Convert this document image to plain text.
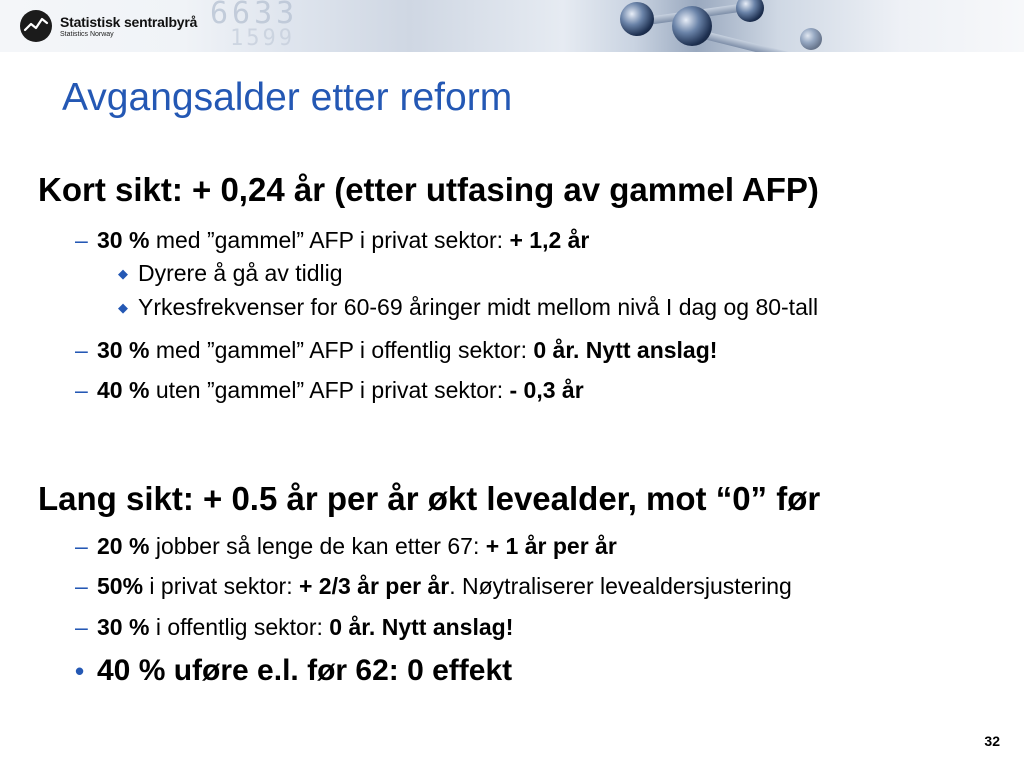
6633
1599
Statistisk sentralbyrå
Statistics Norway
Avgangsalder etter reform
Kort sikt: + 0,24 år (etter utfasing av gammel AFP)
– 30 % med ”gammel” AFP i privat sektor: + 1,2 år
◆ Dyrere å gå av tidlig
◆ Yrkesfrekvenser for 60-69 åringer midt mellom nivå I dag og 80-tall
– 30 % med ”gammel” AFP i offentlig sektor: 0 år. Nytt anslag!
– 40 % uten ”gammel” AFP i privat sektor: - 0,3 år
Lang sikt: + 0.5 år per år økt levealder, mot “0” før
– 20 % jobber så lenge de kan etter 67: + 1 år per år
– 50% i privat sektor: + 2/3 år per år . Nøytraliserer levealdersjustering
– 30 % i offentlig sektor: 0 år. Nytt anslag!
• 40 % uføre e.l. før 62: 0 effekt
32
